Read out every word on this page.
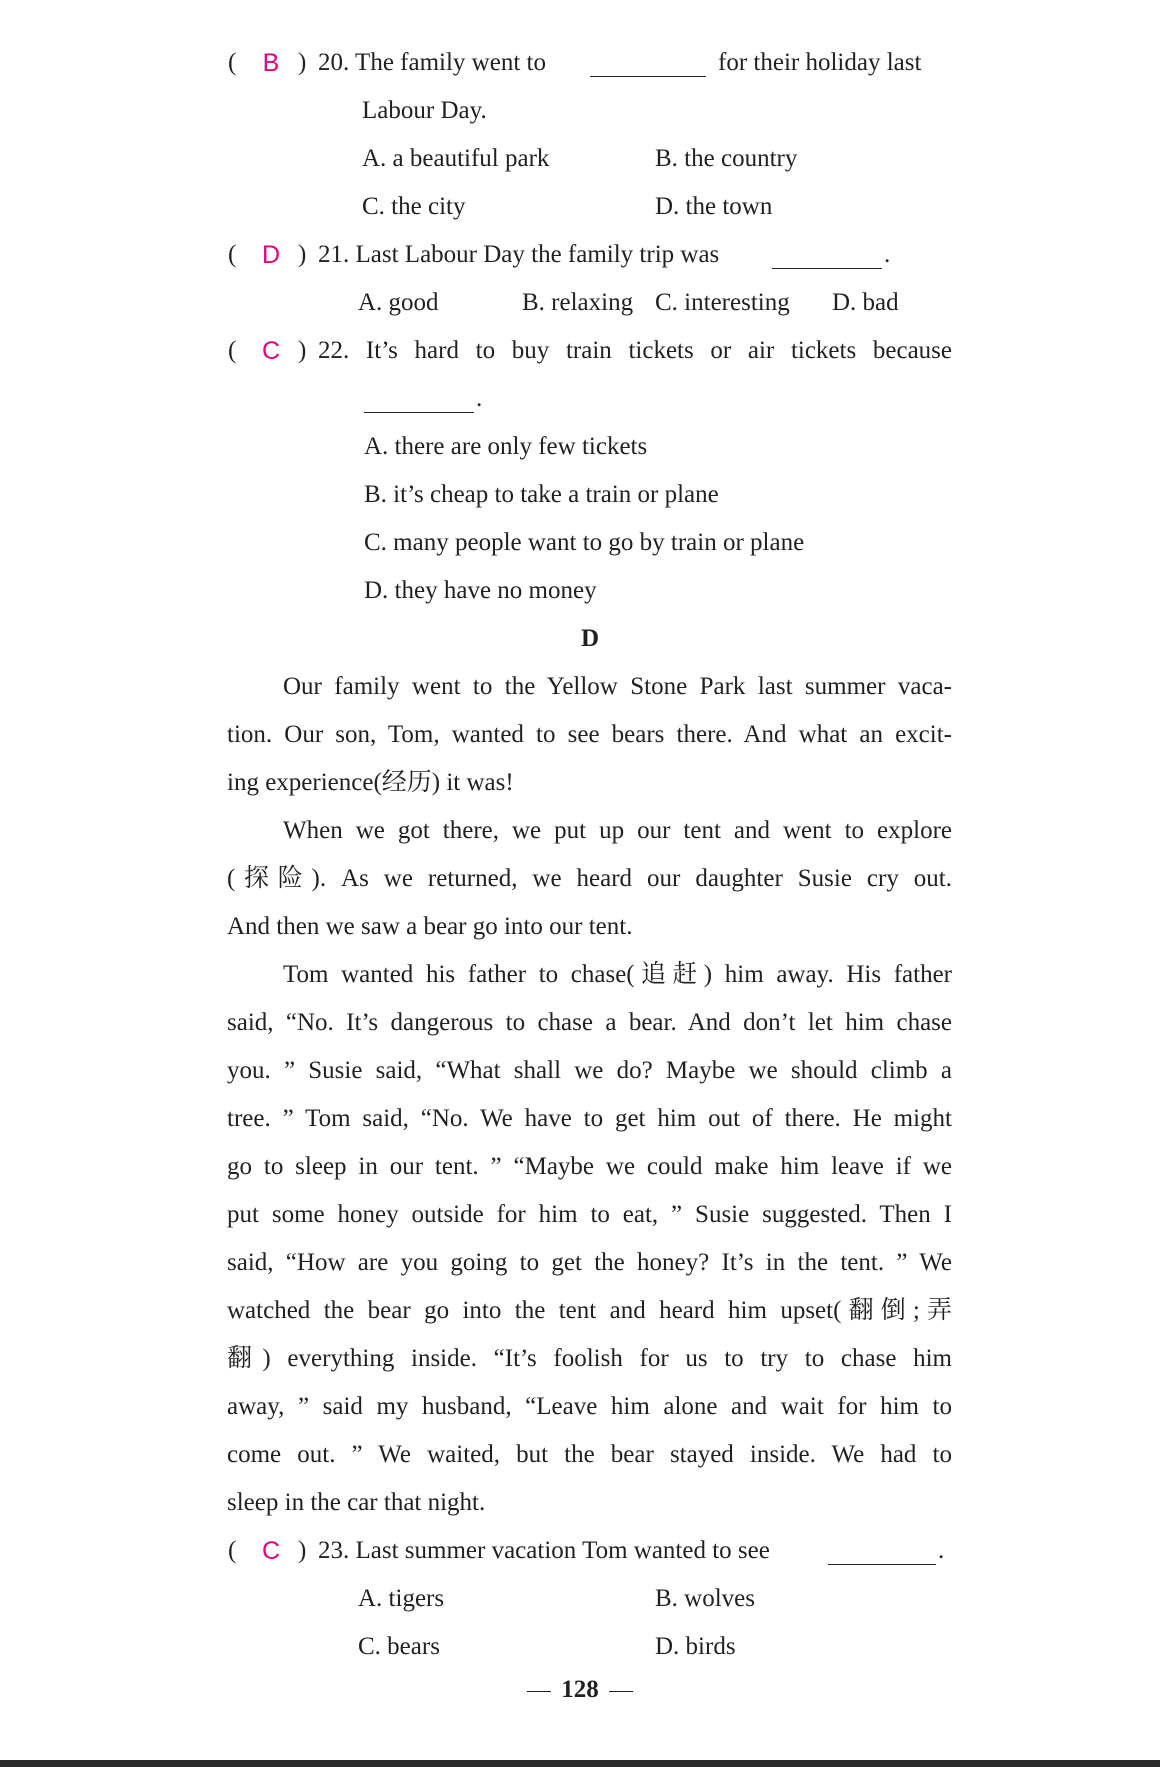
( B ) 20. The family went to	for their holiday last
Labour Day.
A. a beautiful park	B. the country
C. the city	D. the town
( D ) 21. Last Labour Day the family trip was	.
A. good	B. relaxing C. interesting D. bad
( C ) 22. It’s hard to buy train tickets or air tickets because
.
A. there are only few tickets
B. it’s cheap to take a train or plane
C. many people want to go by train or plane
D. they have no money
D
Our family went to the Yellow Stone Park last summer vaca-
tion. Our son, Tom, wanted to see bears there. And what an excit-
ing experience(经历) it was!
When we got there, we put up our tent and went to explore
(探险). As we returned, we heard our daughter Susie cry out.
And then we saw a bear go into our tent.
Tom wanted his father to chase(追赶) him away. His father
said, “No. It’s dangerous to chase a bear. And don’t let him chase
you. ” Susie said, “What shall we do? Maybe we should climb a
tree. ” Tom said, “No. We have to get him out of there. He might
go to sleep in our tent. ” “Maybe we could make him leave if we
put some honey outside for him to eat, ” Susie suggested. Then I
said, “How are you going to get the honey? It’s in the tent. ” We
watched the bear go into the tent and heard him upset(翻倒;弄
翻) everything inside. “It’s foolish for us to try to chase him
away, ” said my husband, “Leave him alone and wait for him to
come out. ” We waited, but the bear stayed inside. We had to
sleep in the car that night.
( C ) 23. Last summer vacation Tom wanted to see	.
A. tigers	B. wolves
C. bears	D. birds
128
